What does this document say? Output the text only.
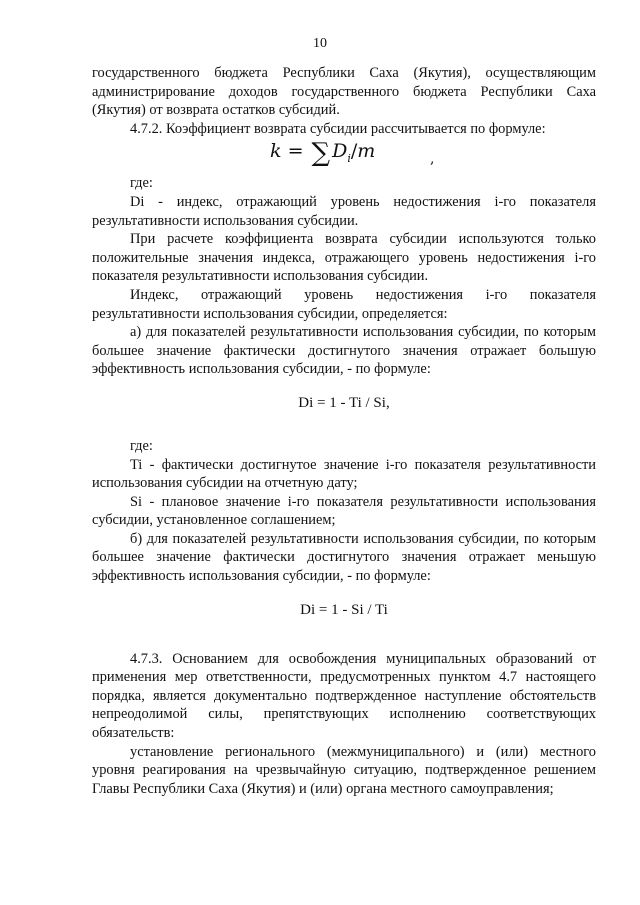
10

государственного бюджета Республики Саха (Якутия), осуществляющим администрирование доходов государственного бюджета Республики Саха (Якутия) от возврата остатков субсидий.

4.7.2. Коэффициент возврата субсидии рассчитывается по формуле:

k = ∑ $D_i/m$	,

где:

Di - индекс, отражающий уровень недостижения i-го показателя результативности использования субсидии.

При расчете коэффициента возврата субсидии используются только положительные значения индекса, отражающего уровень недостижения i-го показателя результативности использования субсидии.

Индекс, отражающий уровень недостижения i-го показателя результативности использования субсидии, определяется:

а) для показателей результативности использования субсидии, по которым большее значение фактически достигнутого значения отражает большую эффективность использования субсидии, - по формуле:

Di = 1 - Ti / Si,

где:

Ti - фактически достигнутое значение i-го показателя результативности использования субсидии на отчетную дату;

Si - плановое значение i-го показателя результативности использования субсидии, установленное соглашением;

б) для показателей результативности использования субсидии, по которым большее значение фактически достигнутого значения отражает меньшую эффективность использования субсидии, - по формуле:

Di = 1 - Si / Ti

4.7.3. Основанием для освобождения муниципальных образований от применения мер ответственности, предусмотренных пунктом 4.7 настоящего порядка, является документально подтвержденное наступление обстоятельств непреодолимой силы, препятствующих исполнению соответствующих обязательств:

установление регионального (межмуниципального) и (или) местного уровня реагирования на чрезвычайную ситуацию, подтвержденное решением Главы Республики Саха (Якутия) и (или) органа местного самоуправления;
